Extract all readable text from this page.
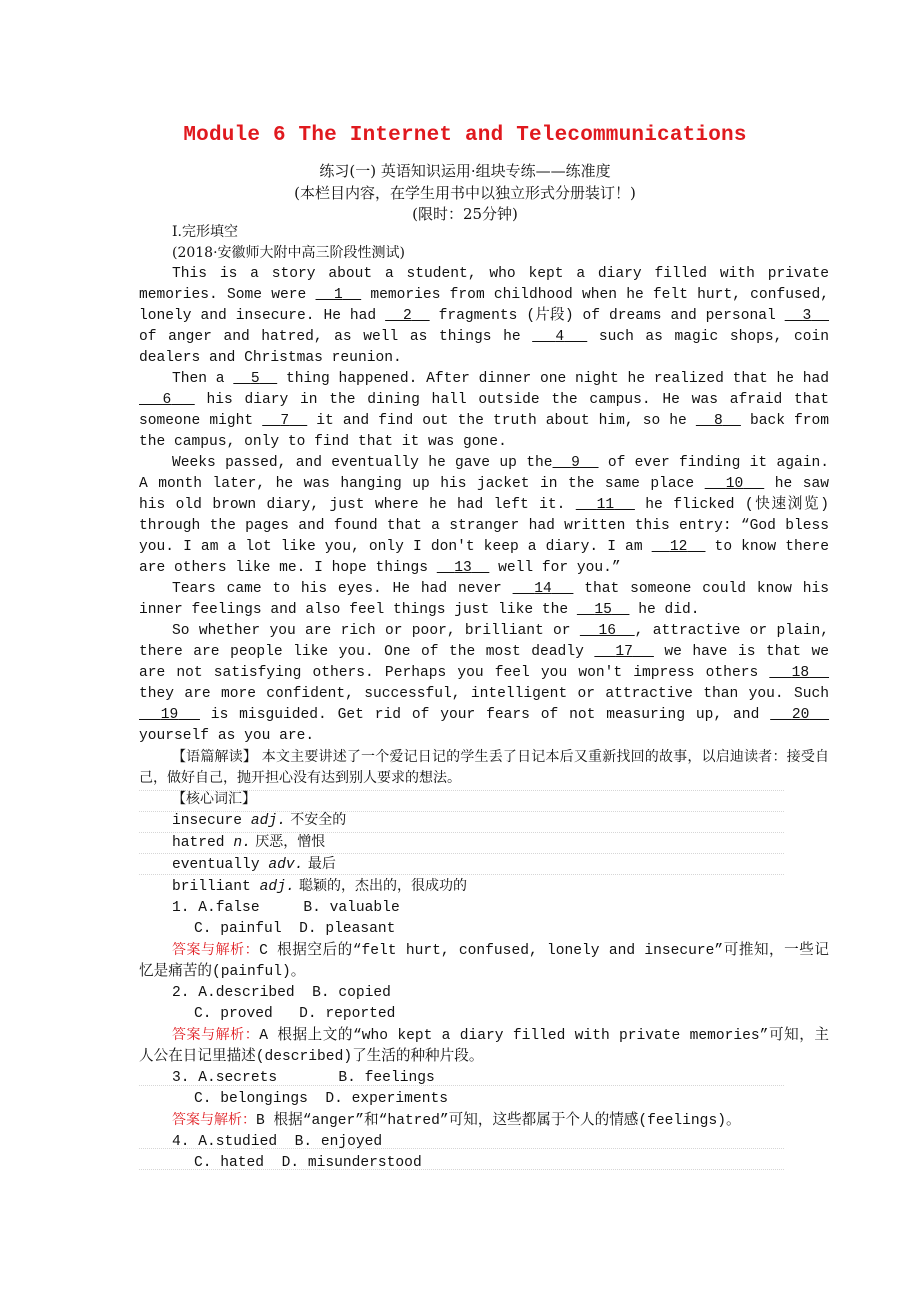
Module 6 The Internet and Telecommunications
练习(一) 英语知识运用·组块专练——练准度
(本栏目内容，在学生用书中以独立形式分册装订！)
(限时：25分钟)

Ⅰ.完形填空

(2018·安徽师大附中高三阶段性测试)

This is a story about a student, who kept a diary filled with private memories. Some were   1   memories from childhood when he felt hurt, confused, lonely and insecure. He had   2   fragments (片段) of dreams and personal   3   of anger and hatred, as well as things he   4   such as magic shops, coin dealers and Christmas reunion.

Then a   5   thing happened. After dinner one night he realized that he had   6   his diary in the dining hall outside the campus. He was afraid that someone might   7   it and find out the truth about him, so he   8   back from the campus, only to find that it was gone.

Weeks passed, and eventually he gave up the 9   of ever finding it again. A month later, he was hanging up his jacket in the same place   10   he saw his old brown diary, just where he had left it.   11   he flicked (快速浏览) through the pages and found that a stranger had written this entry: “God bless you. I am a lot like you, only I don't keep a diary. I am   12   to know there are others like me. I hope things   13   well for you.”

Tears came to his eyes. He had never   14   that someone could know his inner feelings and also feel things just like the   15   he did.

So whether you are rich or poor, brilliant or   16 , attractive or plain, there are people like you. One of the most deadly   17   we have is that we are not satisfying others. Perhaps you feel you won't impress others   18   they are more confident, successful, intelligent or attractive than you. Such   19   is misguided. Get rid of your fears of not measuring up, and   20   yourself as you are.

【语篇解读】 本文主要讲述了一个爱记日记的学生丢了日记本后又重新找回的故事，以启迪读者：接受自己，做好自己，抛开担心没有达到别人要求的想法。

【核心词汇】

insecure adj. 不安全的

hatred n. 厌恶，憎恨

eventually adv. 最后

brilliant adj. 聪颖的，杰出的，很成功的

1. A.false     B. valuable

C. painful  D. pleasant

答案与解析：C 根据空后的“felt hurt, confused, lonely and insecure”可推知，一些记忆是痛苦的(painful)。

2. A.described  B. copied

C. proved   D. reported

答案与解析：A 根据上文的“who kept a diary filled with private memories”可知，主人公在日记里描述(described)了生活的种种片段。

3. A.secrets       B. feelings

C. belongings  D. experiments

答案与解析：B 根据“anger”和“hatred”可知，这些都属于个人的情感(feelings)。

4. A.studied  B. enjoyed

C. hated  D. misunderstood
